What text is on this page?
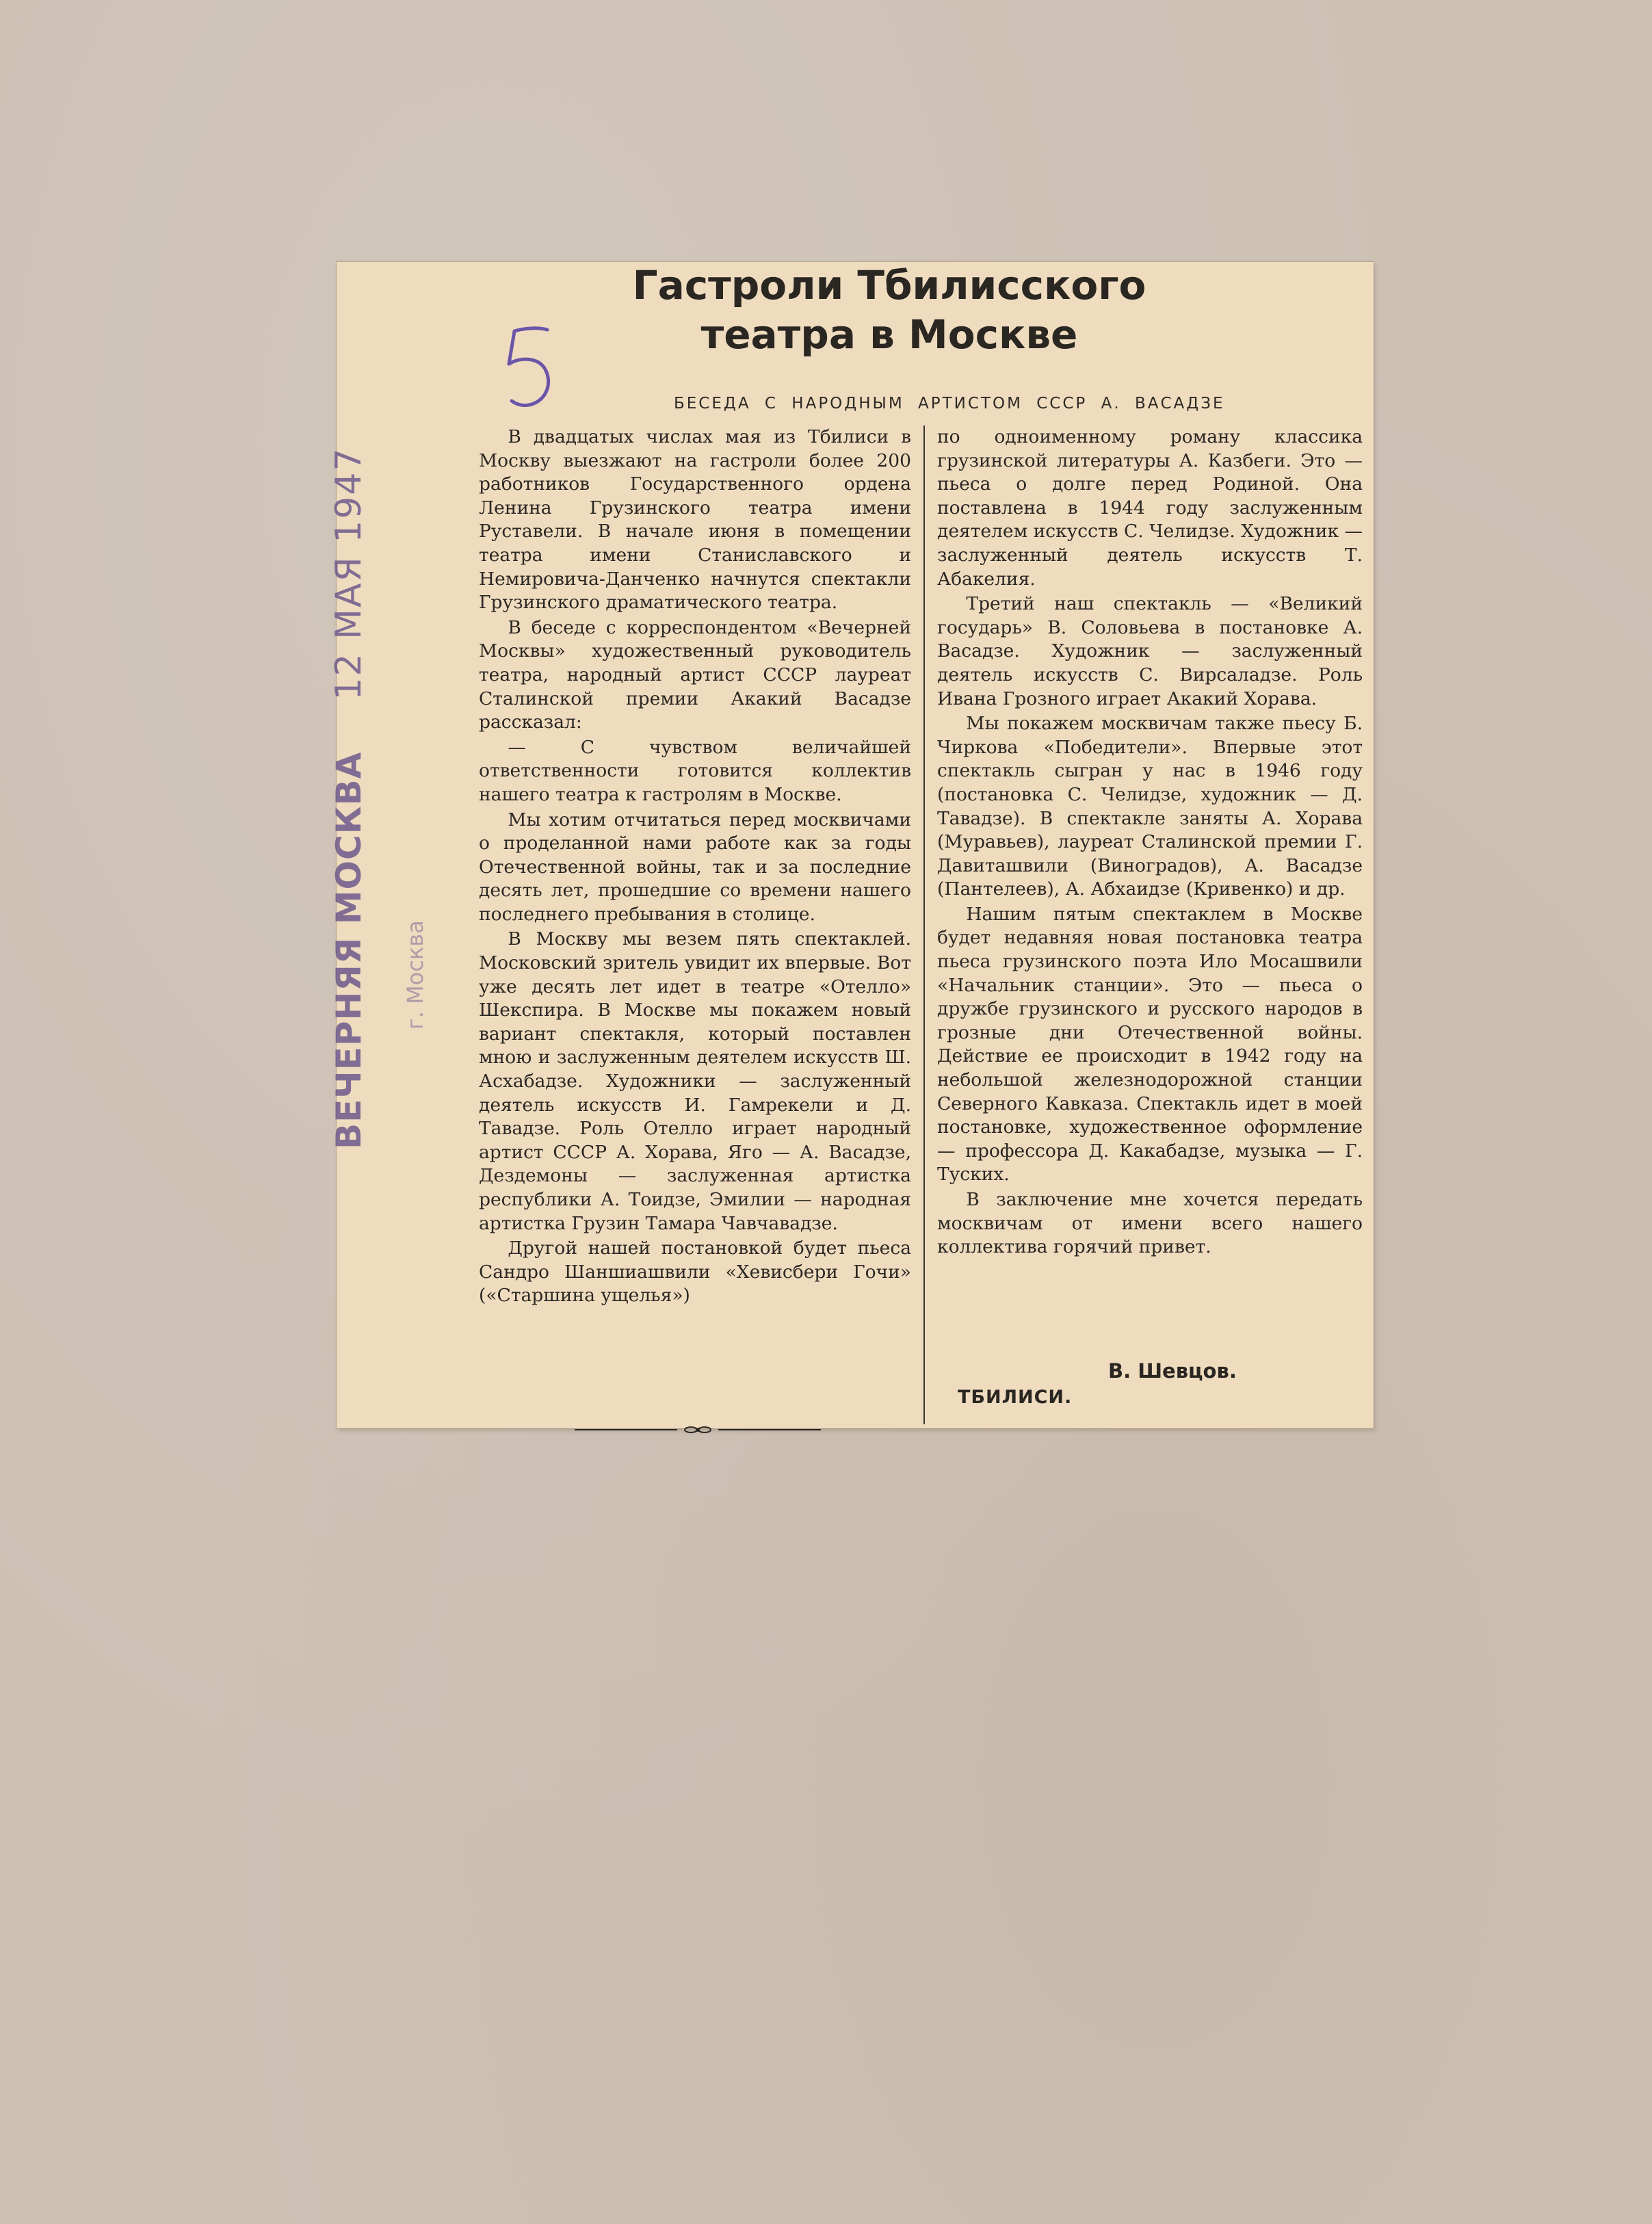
Гастроли Тбилисского
театра в Москве
БЕСЕДА С НАРОДНЫМ АРТИСТОМ СССР А. ВАСАДЗЕ

В двадцатых числах мая из Тбилиси в Москву выезжают на гастроли более 200 работников Государственного ордена Ленина Грузинского театра имени Руставели. В начале июня в помещении театра имени Станиславского и Немировича-Данченко начнутся спектакли Грузинского драматического театра.

В беседе с корреспондентом «Вечерней Москвы» художественный руководитель театра, народный артист СССР лауреат Сталинской премии Акакий Васадзе рассказал:

— С чувством величайшей ответственности готовится коллектив нашего театра к гастролям в Москве.

Мы хотим отчитаться перед москвичами о проделанной нами работе как за годы Отечественной войны, так и за последние десять лет, прошедшие со времени нашего последнего пребывания в столице.

В Москву мы везем пять спектаклей. Московский зритель увидит их впервые. Вот уже десять лет идет в театре «Отелло» Шекспира. В Москве мы покажем новый вариант спектакля, который поставлен мною и заслуженным деятелем искусств Ш. Асхабадзе. Художники — заслуженный деятель искусств И. Гамрекели и Д. Тавадзе. Роль Отелло играет народный артист СССР А. Хорава, Яго — А. Васадзе, Дездемоны — заслуженная артистка республики А. Тоидзе, Эмилии — народная артистка Грузин Тамара Чавчавадзе.

Другой нашей постановкой будет пьеса Сандро Шаншиашвили «Хевисбери Гочи» («Старшина ущелья»)

по одноименному роману классика грузинской литературы А. Казбеги. Это — пьеса о долге перед Родиной. Она поставлена в 1944 году заслуженным деятелем искусств С. Челидзе. Художник — заслуженный деятель искусств Т. Абакелия.

Третий наш спектакль — «Великий государь» В. Соловьева в постановке А. Васадзе. Художник — заслуженный деятель искусств С. Вирсаладзе. Роль Ивана Грозного играет Акакий Хорава.

Мы покажем москвичам также пьесу Б. Чиркова «Победители». Впервые этот спектакль сыгран у нас в 1946 году (постановка С. Челидзе, художник — Д. Тавадзе). В спектакле заняты А. Хорава (Муравьев), лауреат Сталинской премии Г. Давиташвили (Виноградов), А. Васадзе (Пантелеев), А. Абхаидзе (Кривенко) и др.

Нашим пятым спектаклем в Москве будет недавняя новая постановка театра пьеса грузинского поэта Ило Мосашвили «Начальник станции». Это — пьеса о дружбе грузинского и русского народов в грозные дни Отечественной войны. Действие ее происходит в 1942 году на небольшой железнодорожной станции Северного Кавказа. Спектакль идет в моей постановке, художественное оформление — профессора Д. Какабадзе, музыка — Г. Туских.

В заключение мне хочется передать москвичам от имени всего нашего коллектива горячий привет.

В. Шевцов.
ТБИЛИСИ.
ВЕЧЕРНЯЯ МОСКВА 12 МАЯ 1947
г. Москва
